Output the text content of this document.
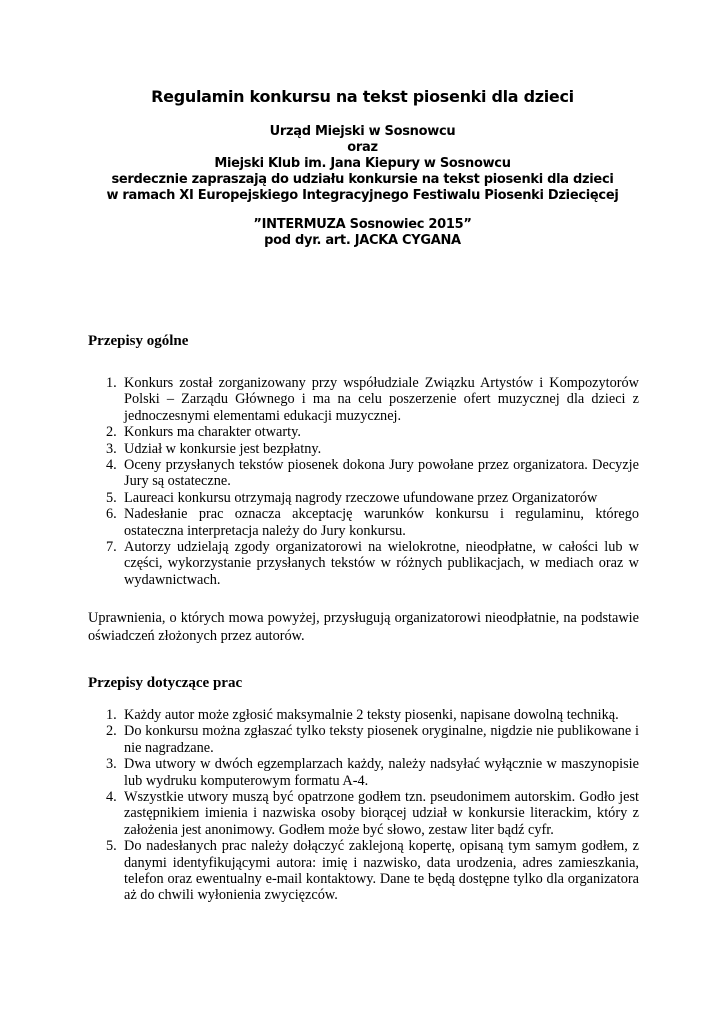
Regulamin konkursu na tekst piosenki dla dzieci
Urząd Miejski w Sosnowcu
oraz
Miejski Klub im. Jana Kiepury w Sosnowcu
serdecznie zapraszają do udziału konkursie na tekst piosenki dla dzieci
w ramach XI Europejskiego Integracyjnego Festiwalu Piosenki Dziecięcej
”INTERMUZA Sosnowiec 2015”
pod dyr. art. JACKA CYGANA
Przepisy ogólne
1. Konkurs został zorganizowany przy współudziale Związku Artystów i Kompozytorów Polski – Zarządu Głównego i ma na celu poszerzenie ofert muzycznej dla dzieci z jednoczesnymi elementami edukacji muzycznej.
2. Konkurs ma charakter otwarty.
3. Udział w konkursie jest bezpłatny.
4. Oceny przysłanych tekstów piosenek dokona Jury powołane przez organizatora. Decyzje Jury są ostateczne.
5. Laureaci konkursu otrzymają nagrody rzeczowe ufundowane przez Organizatorów
6. Nadesłanie prac oznacza akceptację warunków konkursu i regulaminu, którego ostateczna interpretacja należy do Jury konkursu.
7. Autorzy udzielają zgody organizatorowi na wielokrotne, nieodpłatne, w całości lub w części, wykorzystanie przysłanych tekstów w różnych publikacjach, w mediach oraz w wydawnictwach.

Uprawnienia, o których mowa powyżej, przysługują organizatorowi nieodpłatnie, na podstawie oświadczeń złożonych przez autorów.

Przepisy dotyczące prac
1. Każdy autor może zgłosić maksymalnie 2 teksty piosenki, napisane dowolną techniką.
2. Do konkursu można zgłaszać tylko teksty piosenek oryginalne, nigdzie nie publikowane i nie nagradzane.
3. Dwa utwory w dwóch egzemplarzach każdy, należy nadsyłać wyłącznie w maszynopisie lub wydruku komputerowym formatu A-4.
4. Wszystkie utwory muszą być opatrzone godłem tzn. pseudonimem autorskim. Godło jest zastępnikiem imienia i nazwiska osoby biorącej udział w konkursie literackim, który z założenia jest anonimowy. Godłem może być słowo, zestaw liter bądź cyfr.
5. Do nadesłanych prac należy dołączyć zaklejoną kopertę, opisaną tym samym godłem, z danymi identyfikującymi autora: imię i nazwisko, data urodzenia, adres zamieszkania, telefon oraz ewentualny e-mail kontaktowy. Dane te będą dostępne tylko dla organizatora aż do chwili wyłonienia zwycięzców.
